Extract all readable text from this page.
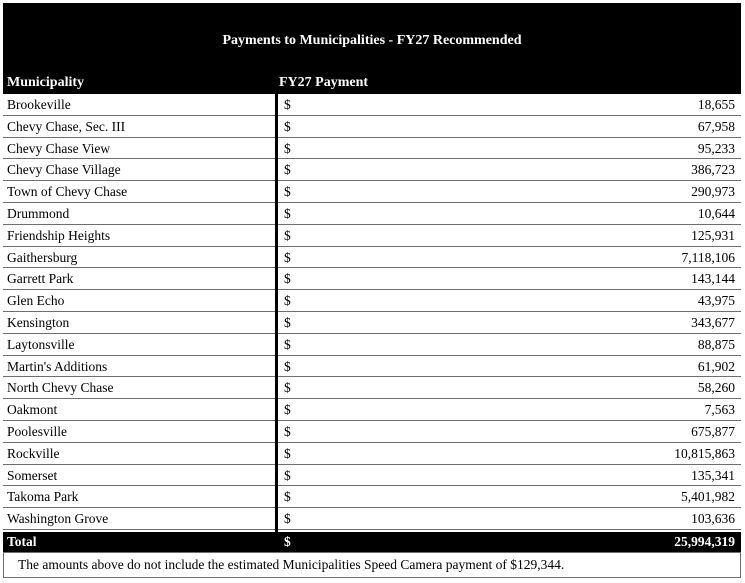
Payments to Municipalities - FY27 Recommended
Municipality	FY27 Payment
Brookeville	$	18,655
Chevy Chase, Sec. III	$	67,958
Chevy Chase View	$	95,233
Chevy Chase Village	$	386,723
Town of Chevy Chase	$	290,973
Drummond	$	10,644
Friendship Heights	$	125,931
Gaithersburg	$	7,118,106
Garrett Park	$	143,144
Glen Echo	$	43,975
Kensington	$	343,677
Laytonsville	$	88,875
Martin's Additions	$	61,902
North Chevy Chase	$	58,260
Oakmont	$	7,563
Poolesville	$	675,877
Rockville	$	10,815,863
Somerset	$	135,341
Takoma Park	$	5,401,982
Washington Grove	$	103,636
Total	$	25,994,319
The amounts above do not include the estimated Municipalities Speed Camera payment of $129,344.
